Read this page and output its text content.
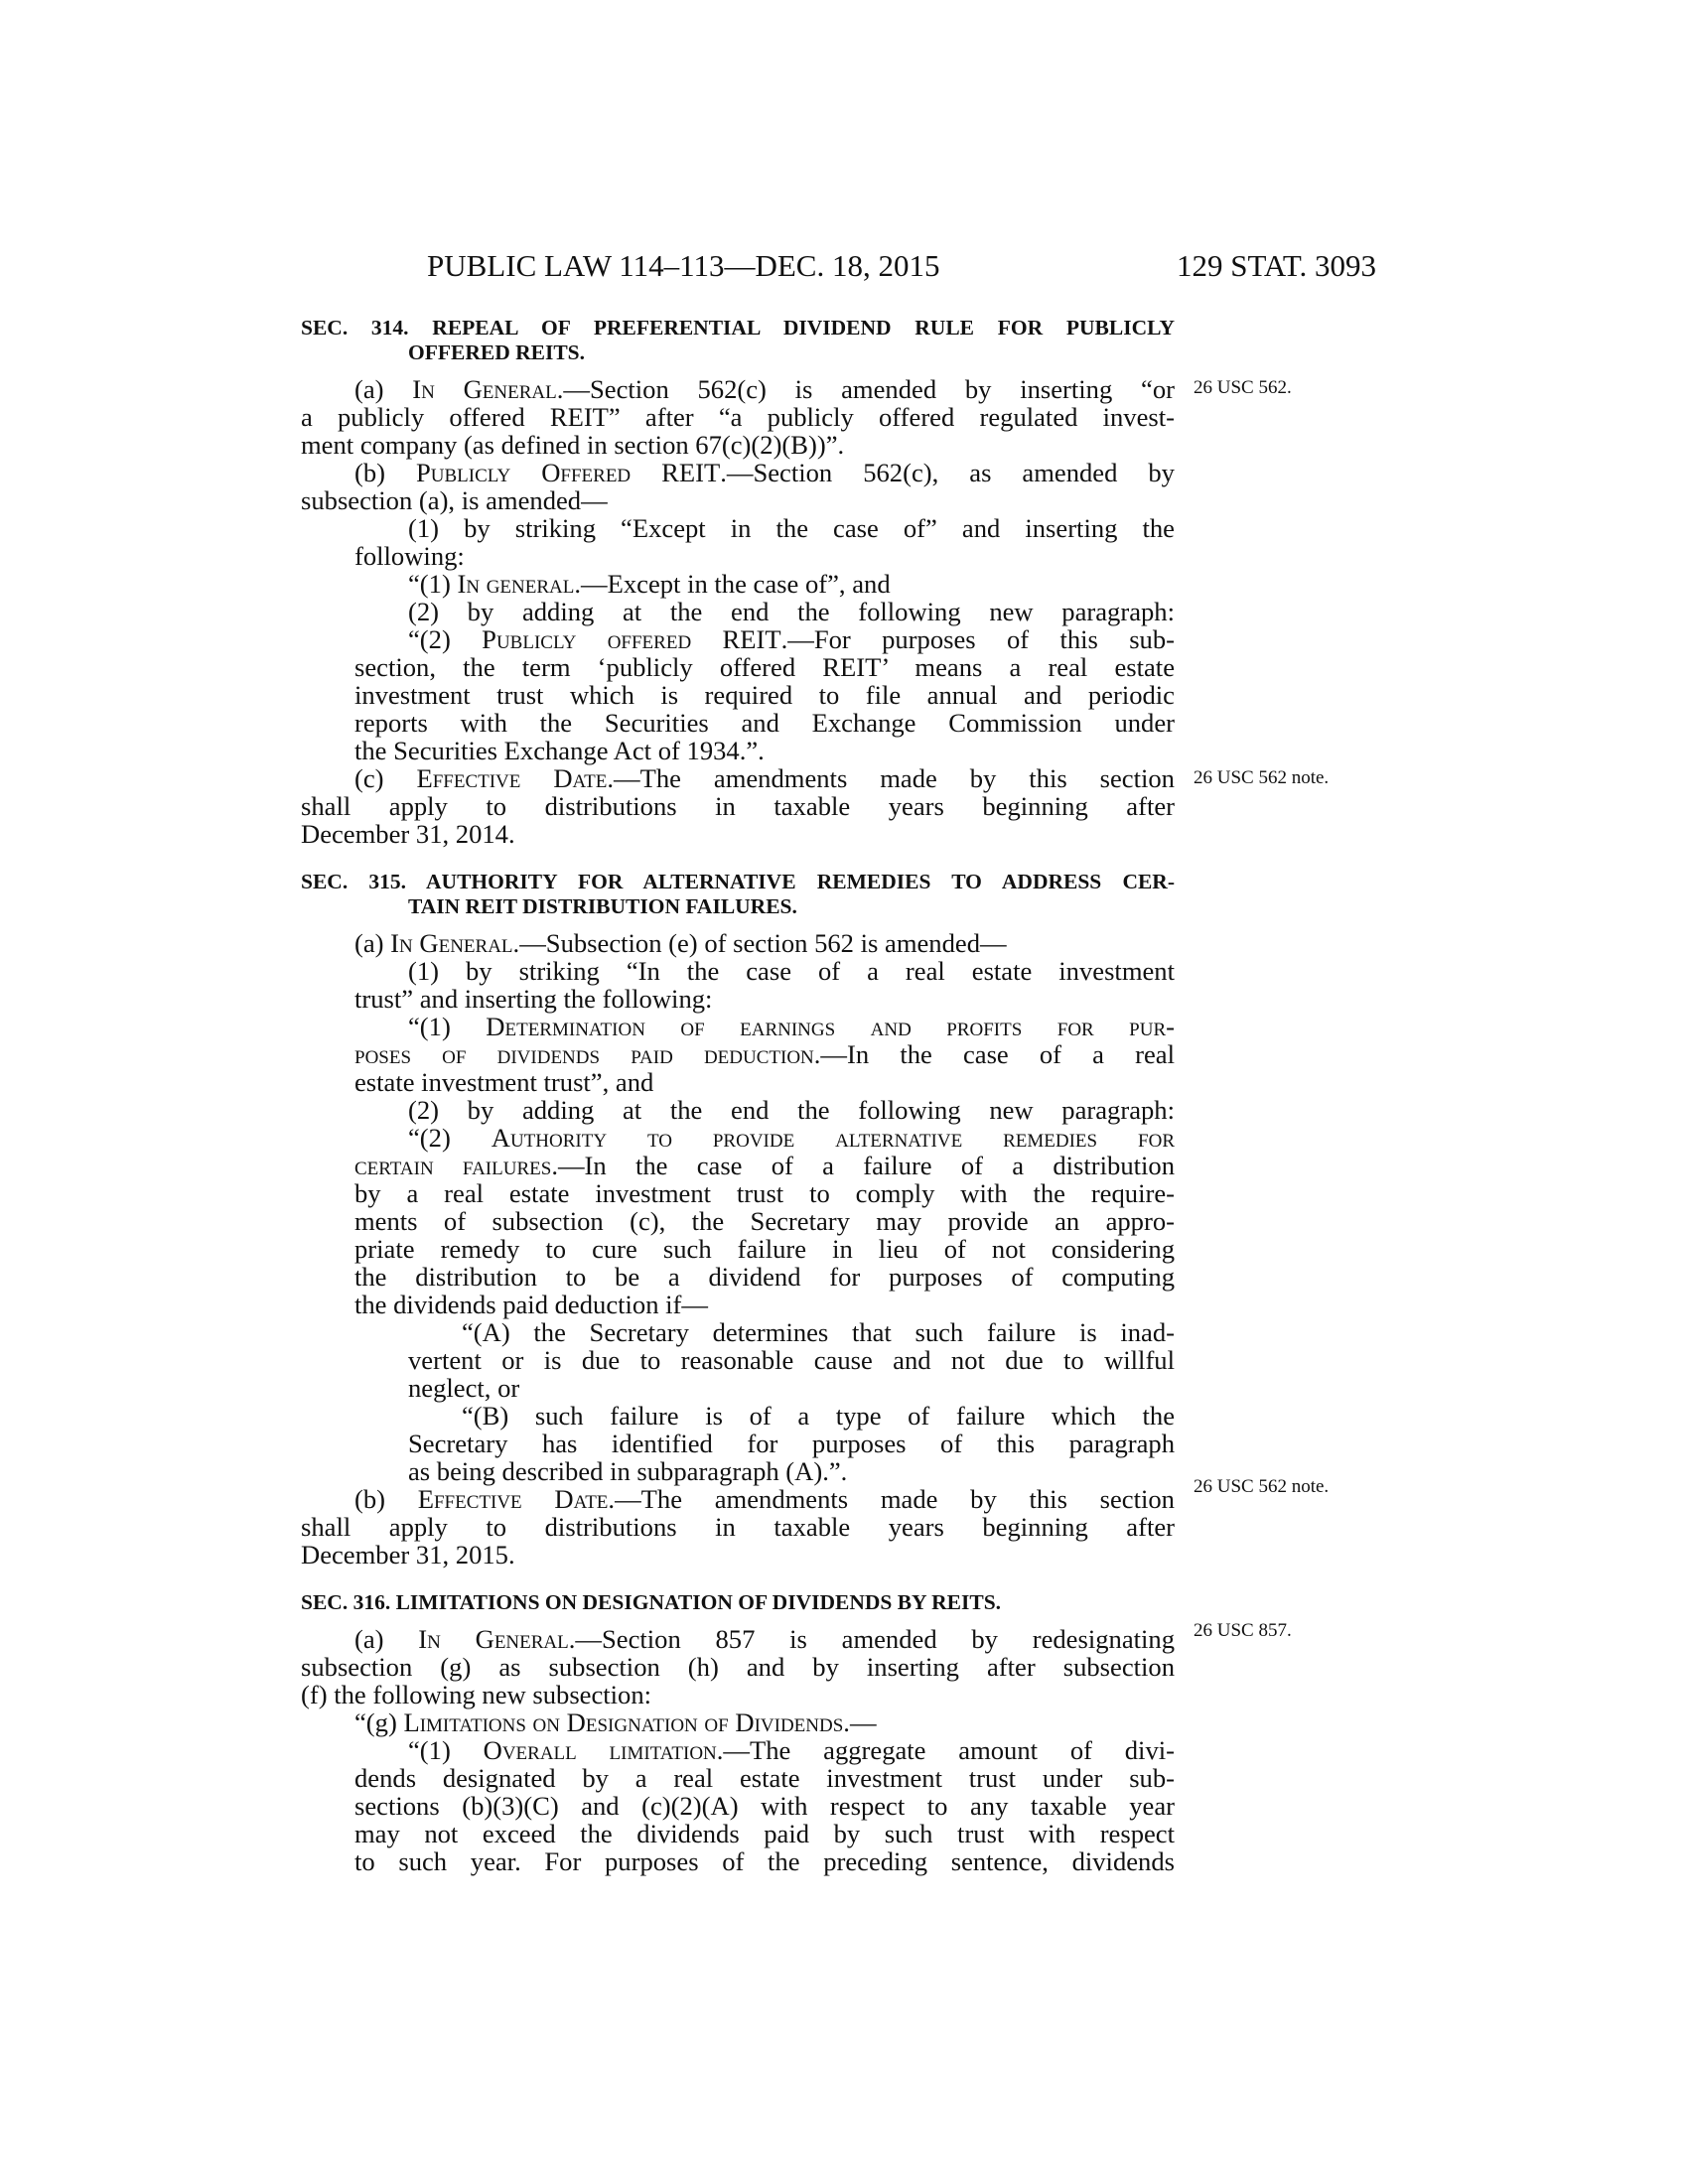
PUBLIC LAW 114–113—DEC. 18, 2015	129 STAT. 3093
26 USC 562.
26 USC 562 note.
26 USC 562 note.
26 USC 857.
SEC. 314. REPEAL OF PREFERENTIAL DIVIDEND RULE FOR PUBLICLY
OFFERED REITS.
(a) In General.—Section 562(c) is amended by inserting “or
a publicly offered REIT” after “a publicly offered regulated invest-
ment company (as defined in section 67(c)(2)(B))”.
(b) Publicly Offered REIT.—Section 562(c), as amended by
subsection (a), is amended—
(1) by striking “Except in the case of” and inserting the
following:
“(1) In general.—Except in the case of”, and
(2) by adding at the end the following new paragraph:
“(2) Publicly offered REIT.—For purposes of this sub-
section, the term ‘publicly offered REIT’ means a real estate
investment trust which is required to file annual and periodic
reports with the Securities and Exchange Commission under
the Securities Exchange Act of 1934.”.
(c) Effective Date.—The amendments made by this section
shall apply to distributions in taxable years beginning after
December 31, 2014.
SEC. 315. AUTHORITY FOR ALTERNATIVE REMEDIES TO ADDRESS CER-
TAIN REIT DISTRIBUTION FAILURES.
(a) In General.—Subsection (e) of section 562 is amended—
(1) by striking “In the case of a real estate investment
trust” and inserting the following:
“(1) Determination of earnings and profits for pur-
poses of dividends paid deduction.—In the case of a real
estate investment trust”, and
(2) by adding at the end the following new paragraph:
“(2) Authority to provide alternative remedies for
certain failures.—In the case of a failure of a distribution
by a real estate investment trust to comply with the require-
ments of subsection (c), the Secretary may provide an appro-
priate remedy to cure such failure in lieu of not considering
the distribution to be a dividend for purposes of computing
the dividends paid deduction if—
“(A) the Secretary determines that such failure is inad-
vertent or is due to reasonable cause and not due to willful
neglect, or
“(B) such failure is of a type of failure which the
Secretary has identified for purposes of this paragraph
as being described in subparagraph (A).”.
(b) Effective Date.—The amendments made by this section
shall apply to distributions in taxable years beginning after
December 31, 2015.
SEC. 316. LIMITATIONS ON DESIGNATION OF DIVIDENDS BY REITS.
(a) In General.—Section 857 is amended by redesignating
subsection (g) as subsection (h) and by inserting after subsection
(f) the following new subsection:
“(g) Limitations on Designation of Dividends.—
“(1) Overall limitation.—The aggregate amount of divi-
dends designated by a real estate investment trust under sub-
sections (b)(3)(C) and (c)(2)(A) with respect to any taxable year
may not exceed the dividends paid by such trust with respect
to such year. For purposes of the preceding sentence, dividends
